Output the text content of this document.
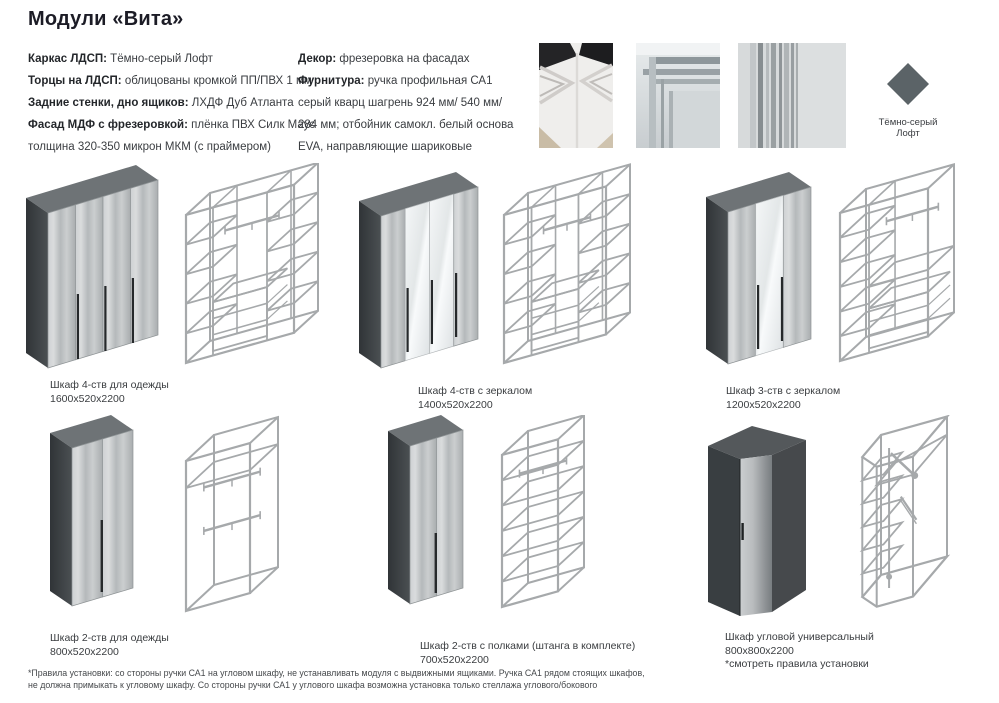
Модули «Вита»

Каркас ЛДСП: Тёмно-серый Лофт

Торцы на ЛДСП: облицованы кромкой ПП/ПВХ 1 мм

Задние стенки, дно ящиков: ЛХДФ Дуб Атланта

Фасад МДФ с фрезеровкой: плёнка ПВХ Силк Маус толщина 320-350 микрон МКМ (с праймером)

Декор: фрезеровка на фасадах

Фурнитура: ручка профильная СА1 серый кварц шагрень 924 мм/ 540 мм/ 284 мм; отбойник самокл. белый основа EVA, направляющие шариковые

Тёмно-серый
Лофт
Шкаф 4-ств для одежды
1600х520х2200
Шкаф 4-ств с зеркалом
1400х520х2200
Шкаф 3-ств с зеркалом
1200х520х2200
Шкаф 2-ств для одежды
800х520х2200	Шкаф 2-ств с полками (штанга в комплекте)
700х520х2200
Шкаф угловой универсальный
800х800х2200
*смотреть правила установки
*Правила установки: со стороны ручки СА1 на угловом шкафу, не устанавливать модуля с выдвижными ящиками. Ручка СА1 рядом стоящих шкафов,
не должна примыкать к угловому шкафу. Со стороны ручки СА1 у углового шкафа возможна установка только стеллажа углового/бокового
